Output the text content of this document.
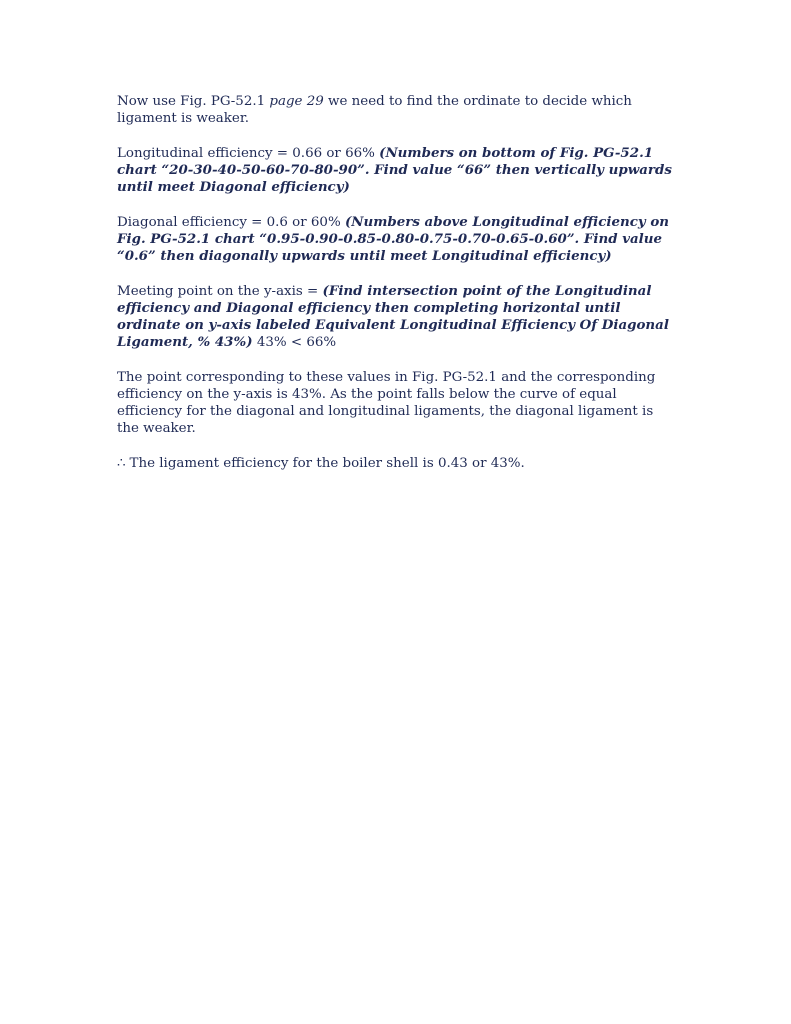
Now use Fig. PG-52.1 page 29 we need to find the ordinate to decide which ligament is weaker.

Longitudinal efficiency = 0.66 or 66% (Numbers on bottom of Fig. PG-52.1 chart “20-30-40-50-60-70-80-90”. Find value “66” then vertically upwards until meet Diagonal efficiency)

Diagonal efficiency = 0.6 or 60% (Numbers above Longitudinal efficiency on Fig. PG-52.1 chart “0.95-0.90-0.85-0.80-0.75-0.70-0.65-0.60”. Find value “0.6” then diagonally upwards until meet Longitudinal efficiency)

Meeting point on the y-axis = (Find intersection point of the Longitudinal efficiency and Diagonal efficiency then completing horizontal until ordinate on y-axis labeled Equivalent Longitudinal Efficiency Of Diagonal Ligament, % 43%) 43% < 66%

The point corresponding to these values in Fig. PG-52.1 and the corresponding efficiency on the y-axis is 43%. As the point falls below the curve of equal efficiency for the diagonal and longitudinal ligaments, the diagonal ligament is the weaker.

∴ The ligament efficiency for the boiler shell is 0.43 or 43%.
